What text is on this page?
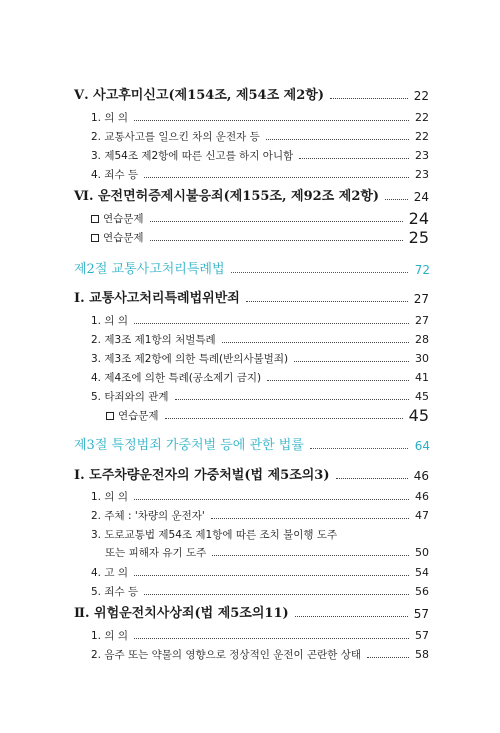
Ⅴ. 사고후미신고(제154조, 제54조 제2항)	22
1. 의 의	22
2. 교통사고를 일으킨 차의 운전자 등	22
3. 제54조 제2항에 따른 신고를 하지 아니함	23
4. 죄수 등	23
Ⅵ. 운전면허증제시불응죄(제155조, 제92조 제2항)	24
연습문제	24
연습문제	25
제2절 교통사고처리특례법	72
Ⅰ. 교통사고처리특례법위반죄	27
1. 의 의	27
2. 제3조 제1항의 처벌특례	28
3. 제3조 제2항에 의한 특례(반의사불벌죄)	30
4. 제4조에 의한 특례(공소제기 금지)	41
5. 타죄와의 관계	45
연습문제	45
제3절 특정범죄 가중처벌 등에 관한 법률	64
Ⅰ. 도주차량운전자의 가중처벌(법 제5조의3)	46
1. 의 의	46
2. 주체 : '차량의 운전자'	47
3. 도로교통법 제54조 제1항에 따른 조치 불이행 도주
또는 피해자 유기 도주	50
4. 고 의	54
5. 죄수 등	56
Ⅱ. 위험운전치사상죄(법 제5조의11)	57
1. 의 의	57
2. 음주 또는 약물의 영향으로 정상적인 운전이 곤란한 상태	58
